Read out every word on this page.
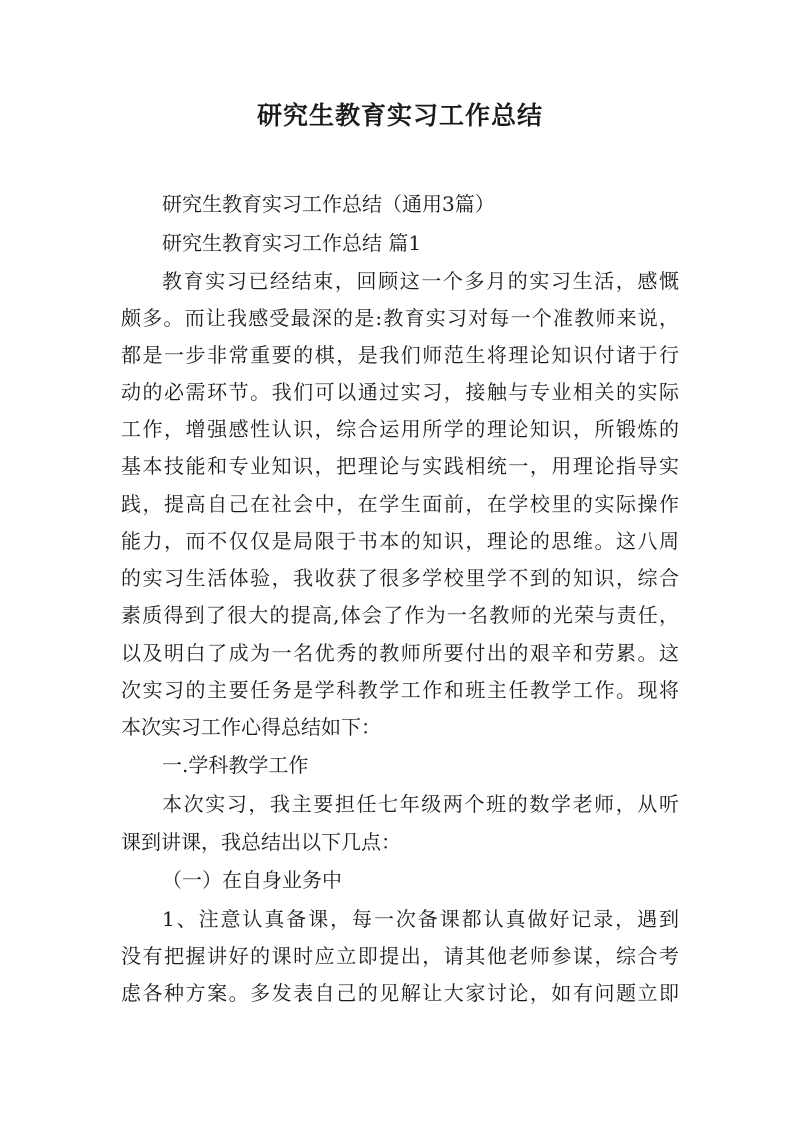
研究生教育实习工作总结

研究生教育实习工作总结（通用3篇）

研究生教育实习工作总结 篇1

教育实习已经结束，回顾这一个多月的实习生活，感慨

颇多。而让我感受最深的是:教育实习对每一个准教师来说，

都是一步非常重要的棋，是我们师范生将理论知识付诸于行

动的必需环节。我们可以通过实习，接触与专业相关的实际

工作，增强感性认识，综合运用所学的理论知识，所锻炼的

基本技能和专业知识，把理论与实践相统一，用理论指导实

践，提高自己在社会中，在学生面前，在学校里的实际操作

能力，而不仅仅是局限于书本的知识，理论的思维。这八周

的实习生活体验，我收获了很多学校里学不到的知识，综合

素质得到了很大的提高,体会了作为一名教师的光荣与责任，

以及明白了成为一名优秀的教师所要付出的艰辛和劳累。这

次实习的主要任务是学科教学工作和班主任教学工作。现将

本次实习工作心得总结如下：

一.学科教学工作

本次实习，我主要担任七年级两个班的数学老师，从听

课到讲课，我总结出以下几点：

（一）在自身业务中

1、注意认真备课，每一次备课都认真做好记录，遇到

没有把握讲好的课时应立即提出，请其他老师参谋，综合考

虑各种方案。多发表自己的见解让大家讨论，如有问题立即
